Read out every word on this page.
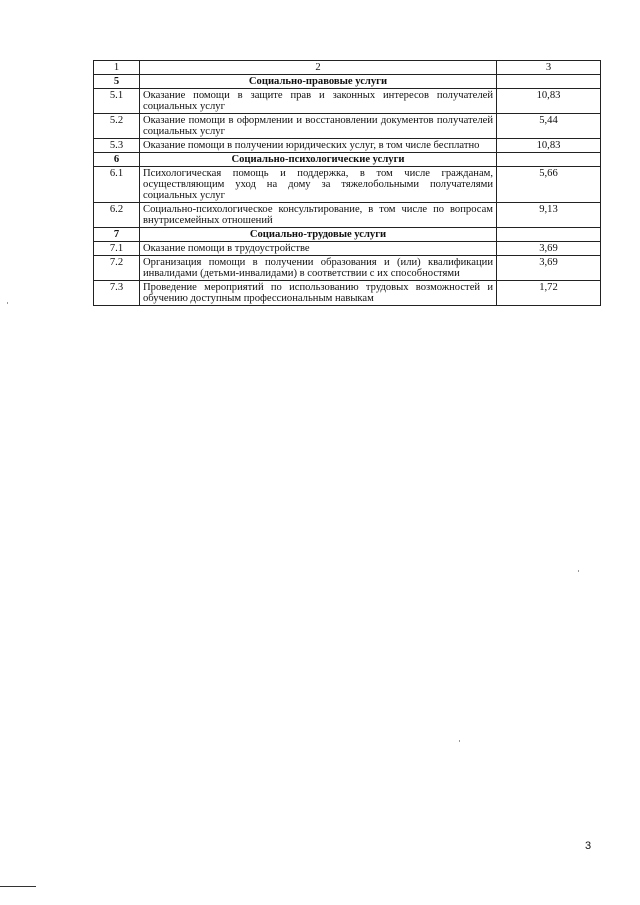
1	2	3
5	Социально-правовые услуги	
5.1	Оказание помощи в защите прав и законных интересов получателей социальных услуг	10,83
5.2	Оказание помощи в оформлении и восстановлении документов получателей социальных услуг	5,44
5.3	Оказание помощи в получении юридических услуг, в том числе бесплатно	10,83
6	Социально-психологические услуги	
6.1	Психологическая помощь и поддержка, в том числе гражданам, осуществляющим уход на дому за тяжелобольными получателями социальных услуг	5,66
6.2	Социально-психологическое консультирование, в том числе по вопросам внутрисемейных отношений	9,13
7	Социально-трудовые услуги	
7.1	Оказание помощи в трудоустройстве	3,69
7.2	Организация помощи в получении образования и (или) квалификации инвалидами (детьми-инвалидами) в соответствии с их способностями	3,69
7.3	Проведение мероприятий по использованию трудовых возможностей и обучению доступным профессиональным навыкам	1,72
3
